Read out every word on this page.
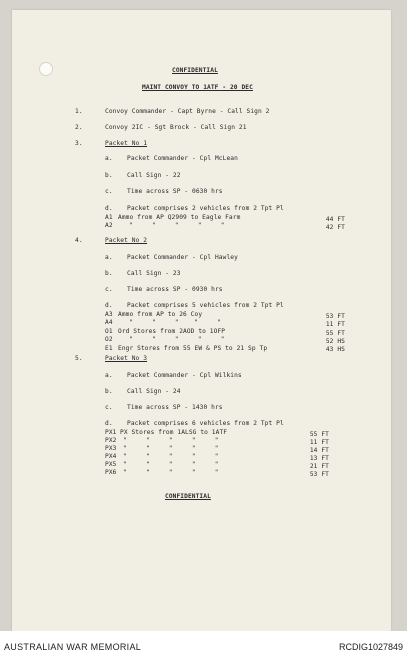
CONFIDENTIAL
MAINT CONVOY TO 1ATF - 20 DEC
1.	Convoy Commander - Capt Byrne - Call Sign 2
2.	Convoy 2IC - Sgt Brock - Call Sign 21
3.	Packet No 1
a. Packet Commander - Cpl McLean
b. Call Sign - 22
c. Time across SP - 0630 hrs
d. Packet comprises 2 vehicles from 2 Tpt Pl
A1 Ammo from AP Q2909 to Eagle Farm	44 FT
A2	"     "     "     "     "	42 FT
4.	Packet No 2
a. Packet Commander - Cpl Hawley
b. Call Sign - 23
c. Time across SP - 0930 hrs
d. Packet comprises 5 vehicles from 2 Tpt Pl
A3 Ammo from AP to 26 Coy	53 FT
A4	"     "     "    "     "	11 FT
O1 Ord Stores from 2AOD to 1OFP	55 FT
O2	"     "     "     "     "	52 HS
E1 Engr Stores from 55 EW & PS to 21 Sp Tp	43 HS
5.	Packet No 3
a. Packet Commander - Cpl Wilkins
b. Call Sign - 24
c. Time across SP - 1430 hrs
d. Packet comprises 6 vehicles from 2 Tpt Pl
PX1 PX Stores from 1ALSG to 1ATF	55 FT
PX2 "     "     "     "     "	11 FT
PX3 "     "     "     "     "	14 FT
PX4 "     "     "     "     "	13 FT
PX5 "     "     "     "     "	21 FT
PX6 "     "     "     "     "	53 FT
CONFIDENTIAL
AUSTRALIAN WAR MEMORIAL	RCDIG1027849
